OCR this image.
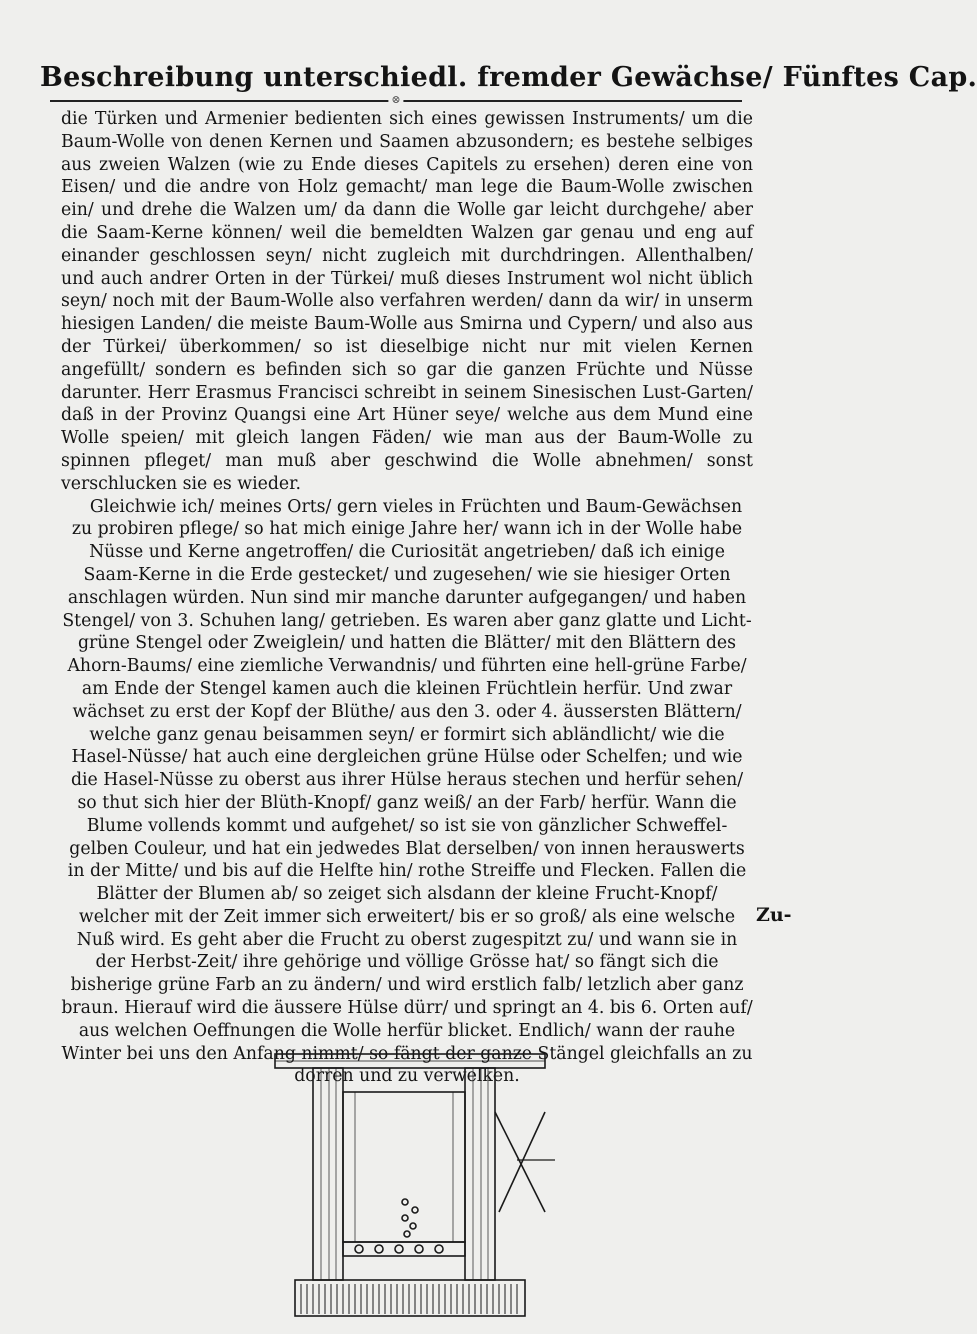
Beschreibung unterschiedl. fremder Gewächse/ Fünftes Cap.
⊗

die Türken und Armenier bedienten sich eines gewissen Instruments/ um die Baum-Wolle von denen Kernen und Saamen abzusondern; es bestehe selbiges aus zweien Walzen (wie zu Ende dieses Capitels zu ersehen) deren eine von Eisen/ und die andre von Holz gemacht/ man lege die Baum-Wolle zwischen ein/ und drehe die Walzen um/ da dann die Wolle gar leicht durchgehe/ aber die Saam-Kerne können/ weil die bemeldten Walzen gar genau und eng auf einander geschlossen seyn/ nicht zugleich mit durchdringen. Allenthalben/ und auch andrer Orten in der Türkei/ muß dieses Instrument wol nicht üblich seyn/ noch mit der Baum-Wolle also verfahren werden/ dann da wir/ in unserm hiesigen Landen/ die meiste Baum-Wolle aus Smirna und Cypern/ und also aus der Türkei/ überkommen/ so ist dieselbige nicht nur mit vielen Kernen angefüllt/ sondern es befinden sich so gar die ganzen Früchte und Nüsse darunter. Herr Erasmus Francisci schreibt in seinem Sinesischen Lust-Garten/ daß in der Provinz Quangsi eine Art Hüner seye/ welche aus dem Mund eine Wolle speien/ mit gleich langen Fäden/ wie man aus der Baum-Wolle zu spinnen pfleget/ man muß aber geschwind die Wolle abnehmen/ sonst verschlucken sie es wieder.

Gleichwie ich/ meines Orts/ gern vieles in Früchten und Baum-Gewächsen zu probiren pflege/ so hat mich einige Jahre her/ wann ich in der Wolle habe Nüsse und Kerne angetroffen/ die Curiosität angetrieben/ daß ich einige Saam-Kerne in die Erde gestecket/ und zugesehen/ wie sie hiesiger Orten anschlagen würden. Nun sind mir manche darunter aufgegangen/ und haben Stengel/ von 3. Schuhen lang/ getrieben. Es waren aber ganz glatte und Licht-grüne Stengel oder Zweiglein/ und hatten die Blätter/ mit den Blättern des Ahorn-Baums/ eine ziemliche Verwandnis/ und führten eine hell-grüne Farbe/ am Ende der Stengel kamen auch die kleinen Früchtlein herfür. Und zwar wächset zu erst der Kopf der Blüthe/ aus den 3. oder 4. äussersten Blättern/ welche ganz genau beisammen seyn/ er formirt sich abländlicht/ wie die Hasel-Nüsse/ hat auch eine dergleichen grüne Hülse oder Schelfen; und wie die Hasel-Nüsse zu oberst aus ihrer Hülse heraus stechen und herfür sehen/ so thut sich hier der Blüth-Knopf/ ganz weiß/ an der Farb/ herfür. Wann die Blume vollends kommt und aufgehet/ so ist sie von gänzlicher Schweffel-gelben Couleur, und hat ein jedwedes Blat derselben/ von innen herauswerts in der Mitte/ und bis auf die Helfte hin/ rothe Streiffe und Flecken. Fallen die Blätter der Blumen ab/ so zeiget sich alsdann der kleine Frucht-Knopf/ welcher mit der Zeit immer sich erweitert/ bis er so groß/ als eine welsche Nuß wird. Es geht aber die Frucht zu oberst zugespitzt zu/ und wann sie in der Herbst-Zeit/ ihre gehörige und völlige Grösse hat/ so fängt sich die bisherige grüne Farb an zu ändern/ und wird erstlich falb/ letzlich aber ganz braun. Hierauf wird die äussere Hülse dürr/ und springt an 4. bis 6. Orten auf/ aus welchen Oeffnungen die Wolle herfür blicket. Endlich/ wann der rauhe Winter bei uns den Anfang nimmt/ so fängt der ganze Stängel gleichfalls an zu dorren und zu verwelken.

Zu-
